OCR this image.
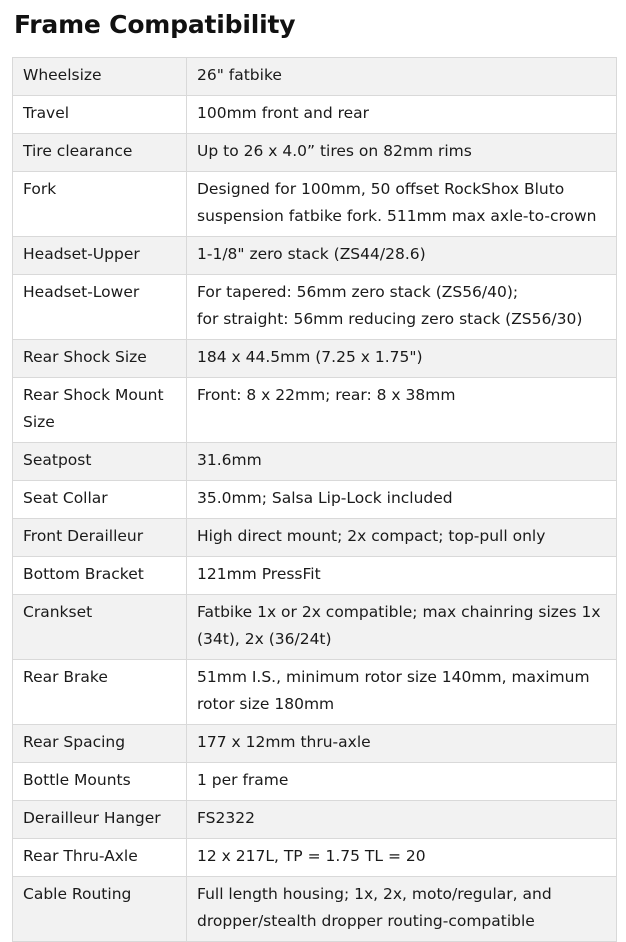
Frame Compatibility
Wheelsize	26" fatbike
Travel	100mm front and rear
Tire clearance	Up to 26 x 4.0” tires on 82mm rims
Fork	Designed for 100mm, 50 offset RockShox Bluto suspension fatbike fork. 511mm max axle-to-crown
Headset-Upper	1-1/8" zero stack (ZS44/28.6)
Headset-Lower	For tapered: 56mm zero stack (ZS56/40);
for straight: 56mm reducing zero stack (ZS56/30)

Rear Shock Size	184 x 44.5mm (7.25 x 1.75")
Rear Shock Mount Size	Front: 8 x 22mm; rear: 8 x 38mm
Seatpost	31.6mm
Seat Collar	35.0mm; Salsa Lip-Lock included
Front Derailleur	High direct mount; 2x compact; top-pull only
Bottom Bracket	121mm PressFit
Crankset	Fatbike 1x or 2x compatible; max chainring sizes 1x (34t), 2x (36/24t)
Rear Brake	51mm I.S., minimum rotor size 140mm, maximum rotor size 180mm
Rear Spacing	177 x 12mm thru-axle
Bottle Mounts	1 per frame
Derailleur Hanger	FS2322
Rear Thru-Axle	12 x 217L, TP = 1.75 TL = 20
Cable Routing	Full length housing; 1x, 2x, moto/regular, and dropper/stealth dropper routing-compatible
